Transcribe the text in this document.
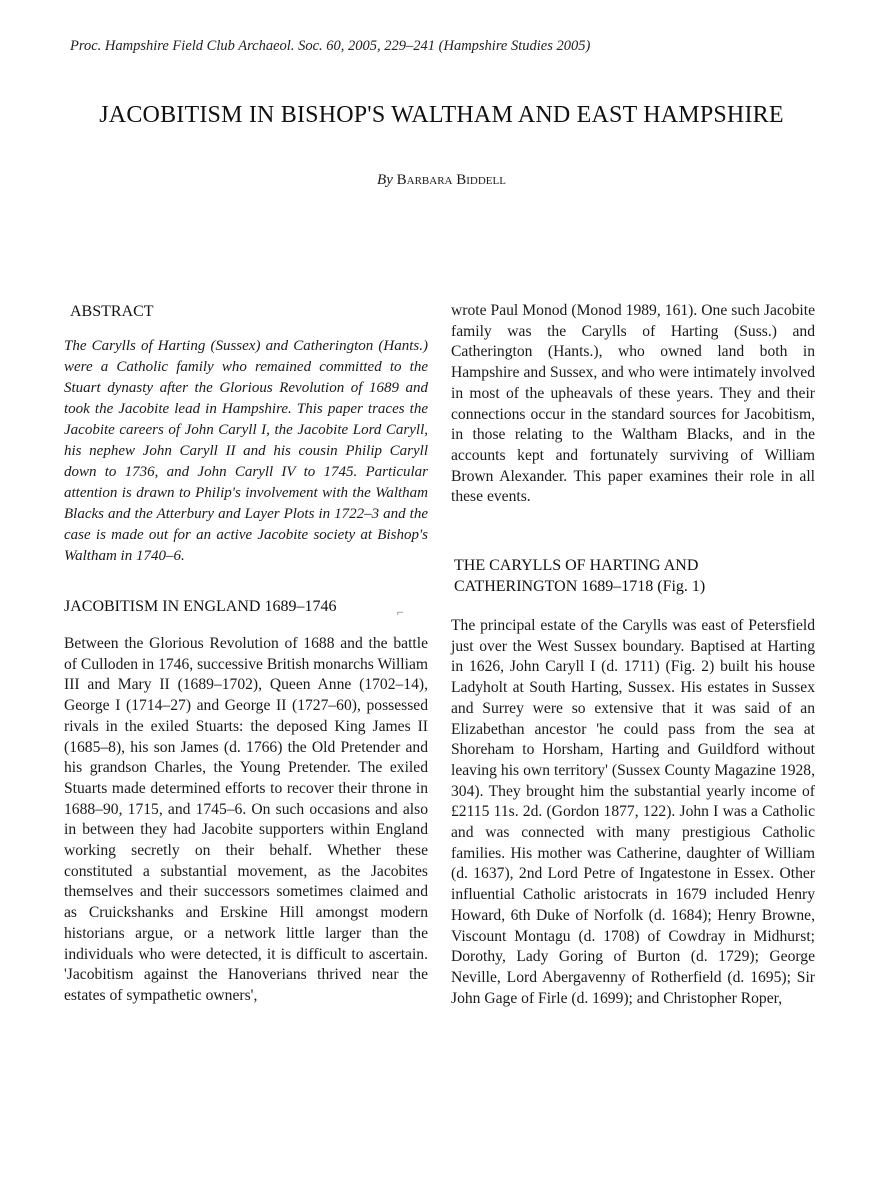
Proc. Hampshire Field Club Archaeol. Soc. 60, 2005, 229–241 (Hampshire Studies 2005)
JACOBITISM IN BISHOP'S WALTHAM AND EAST HAMPSHIRE
By Barbara Biddell
ABSTRACT

The Carylls of Harting (Sussex) and Catherington (Hants.) were a Catholic family who remained committed to the Stuart dynasty after the Glorious Revolution of 1689 and took the Jacobite lead in Hampshire. This paper traces the Jacobite careers of John Caryll I, the Jacobite Lord Caryll, his nephew John Caryll II and his cousin Philip Caryll down to 1736, and John Caryll IV to 1745. Particular attention is drawn to Philip's involvement with the Waltham Blacks and the Atterbury and Layer Plots in 1722–3 and the case is made out for an active Jacobite society at Bishop's Waltham in 1740–6.

JACOBITISM IN ENGLAND 1689–1746	⌐

Between the Glorious Revolution of 1688 and the battle of Culloden in 1746, successive British monarchs William III and Mary II (1689–1702), Queen Anne (1702–14), George I (1714–27) and George II (1727–60), possessed rivals in the exiled Stuarts: the deposed King James II (1685–8), his son James (d. 1766) the Old Pretender and his grandson Charles, the Young Pretender. The exiled Stuarts made determined efforts to recover their throne in 1688–90, 1715, and 1745–6. On such occasions and also in between they had Jacobite supporters within England working secretly on their behalf. Whether these constituted a substantial movement, as the Jacobites themselves and their successors sometimes claimed and as Cruickshanks and Erskine Hill amongst modern historians argue, or a network little larger than the individuals who were detected, it is difficult to ascertain. 'Jacobitism against the Hanoverians thrived near the estates of sympathetic owners',

wrote Paul Monod (Monod 1989, 161). One such Jacobite family was the Carylls of Harting (Suss.) and Catherington (Hants.), who owned land both in Hampshire and Sussex, and who were intimately involved in most of the upheavals of these years. They and their connections occur in the standard sources for Jacobitism, in those relating to the Waltham Blacks, and in the accounts kept and fortunately surviving of William Brown Alexander. This paper examines their role in all these events.

THE CARYLLS OF HARTING AND
CATHERINGTON 1689–1718 (Fig. 1)

The principal estate of the Carylls was east of Petersfield just over the West Sussex boundary. Baptised at Harting in 1626, John Caryll I (d. 1711) (Fig. 2) built his house Ladyholt at South Harting, Sussex. His estates in Sussex and Surrey were so extensive that it was said of an Elizabethan ancestor 'he could pass from the sea at Shoreham to Horsham, Harting and Guildford without leaving his own territory' (Sussex County Magazine 1928, 304). They brought him the substantial yearly income of £2115 11s. 2d. (Gordon 1877, 122). John I was a Catholic and was connected with many prestigious Catholic families. His mother was Catherine, daughter of William (d. 1637), 2nd Lord Petre of Ingatestone in Essex. Other influential Catholic aristocrats in 1679 included Henry Howard, 6th Duke of Norfolk (d. 1684); Henry Browne, Viscount Montagu (d. 1708) of Cowdray in Midhurst; Dorothy, Lady Goring of Burton (d. 1729); George Neville, Lord Abergavenny of Rotherfield (d. 1695); Sir John Gage of Firle (d. 1699); and Christopher Roper,
